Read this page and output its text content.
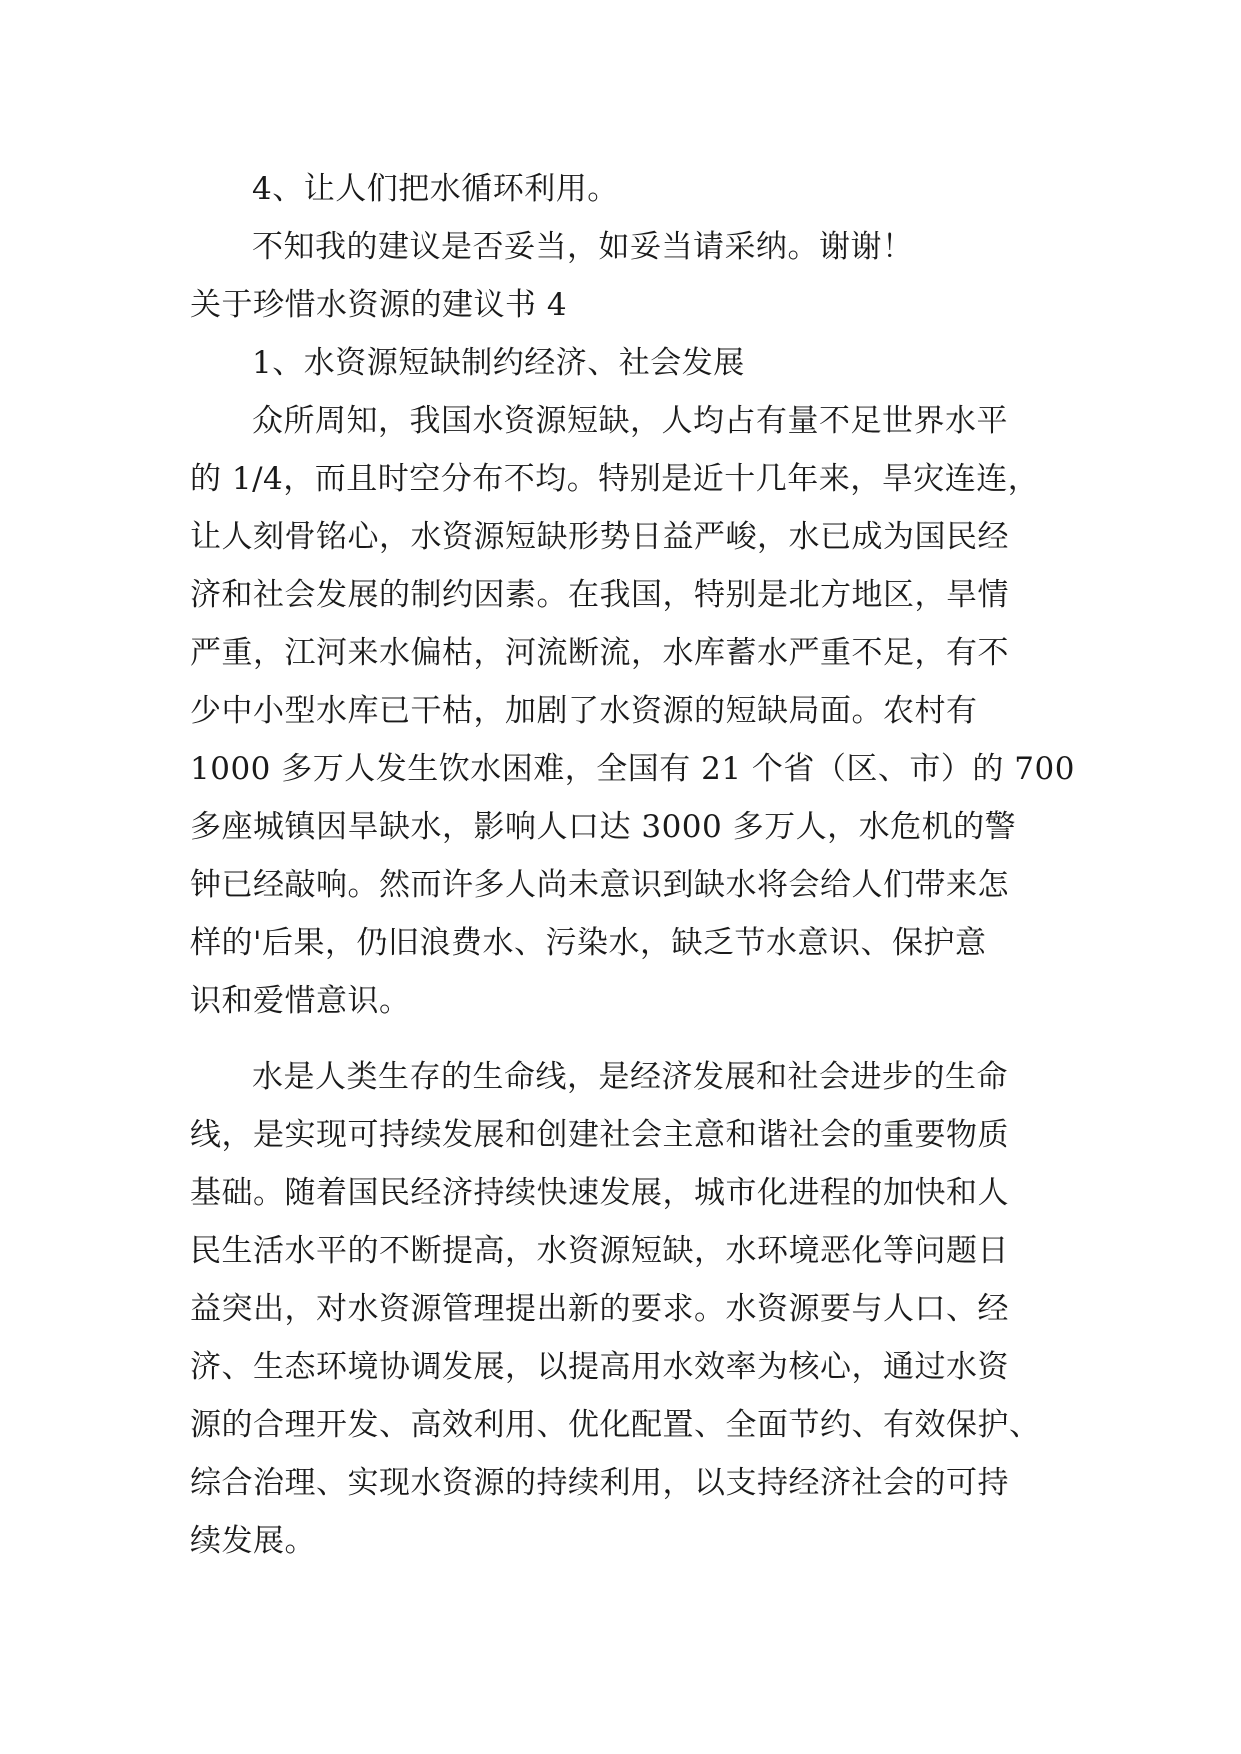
4、让人们把水循环利用。
不知我的建议是否妥当，如妥当请采纳。谢谢！
关于珍惜水资源的建议书 4
1、水资源短缺制约经济、社会发展
众所周知，我国水资源短缺，人均占有量不足世界水平
的 1/4，而且时空分布不均。特别是近十几年来，旱灾连连，
让人刻骨铭心，水资源短缺形势日益严峻，水已成为国民经
济和社会发展的制约因素。在我国，特别是北方地区，旱情
严重，江河来水偏枯，河流断流，水库蓄水严重不足，有不
少中小型水库已干枯，加剧了水资源的短缺局面。农村有
1000 多万人发生饮水困难，全国有 21 个省（区、市）的 700
多座城镇因旱缺水，影响人口达 3000 多万人，水危机的警
钟已经敲响。然而许多人尚未意识到缺水将会给人们带来怎
样的'后果，仍旧浪费水、污染水，缺乏节水意识、保护意
识和爱惜意识。
水是人类生存的生命线，是经济发展和社会进步的生命
线，是实现可持续发展和创建社会主意和谐社会的重要物质
基础。随着国民经济持续快速发展，城市化进程的加快和人
民生活水平的不断提高，水资源短缺，水环境恶化等问题日
益突出，对水资源管理提出新的要求。水资源要与人口、经
济、生态环境协调发展，以提高用水效率为核心，通过水资
源的合理开发、高效利用、优化配置、全面节约、有效保护、
综合治理、实现水资源的持续利用，以支持经济社会的可持
续发展。
